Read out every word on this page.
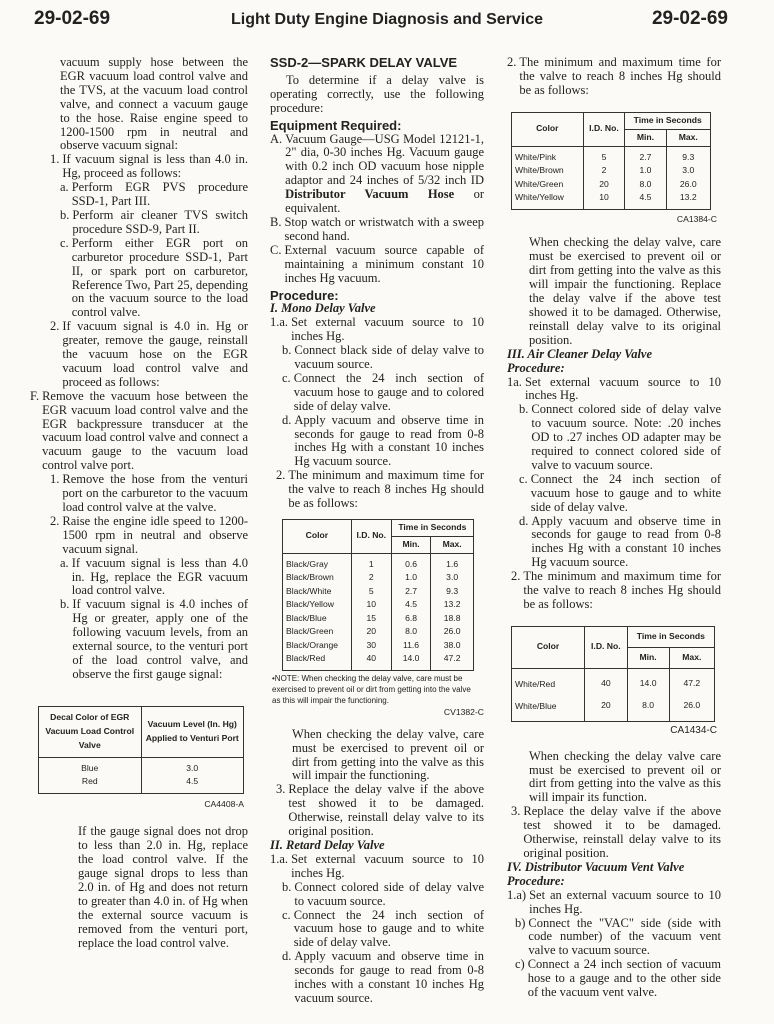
29-02-69	Light Duty Engine Diagnosis and Service	29-02-69

vacuum supply hose between the EGR vacuum load control valve and the TVS, at the vacuum load control valve, and connect a vacuum gauge to the hose. Raise engine speed to 1200-1500 rpm in neutral and observe vacuum signal:

1. If vacuum signal is less than 4.0 in. Hg, proceed as follows:
a. Perform EGR PVS procedure SSD-1, Part III.
b. Perform air cleaner TVS switch procedure SSD-9, Part II.
c. Perform either EGR port on carburetor procedure SSD-1, Part II, or spark port on carburetor, Reference Two, Part 25, depending on the vacuum source to the load control valve.
2. If vacuum signal is 4.0 in. Hg or greater, remove the gauge, reinstall the vacuum hose on the EGR vacuum load control valve and proceed as follows:
F. Remove the vacuum hose between the EGR vacuum load control valve and the EGR backpressure transducer at the vacuum load control valve and connect a vacuum gauge to the vacuum load control valve port.
1. Remove the hose from the venturi port on the carburetor to the vacuum load control valve at the valve.
2. Raise the engine idle speed to 1200-1500 rpm in neutral and observe vacuum signal.
a. If vacuum signal is less than 4.0 in. Hg, replace the EGR vacuum load control valve.
b. If vacuum signal is 4.0 inches of Hg or greater, apply one of the following vacuum levels, from an external source, to the venturi port of the load control valve, and observe the first gauge signal:
Decal Color of EGR Vacuum Load Control Valve	Vacuum Level (In. Hg) Applied to Venturi Port
Blue	3.0
Red	4.5
CA4408-A

If the gauge signal does not drop to less than 2.0 in. Hg, replace the load control valve. If the gauge signal drops to less than 2.0 in. of Hg and does not return to greater than 4.0 in. of Hg when the external source vacuum is removed from the venturi port, replace the load control valve.

SSD-2—SPARK DELAY VALVE

To determine if a delay valve is operating correctly, use the following procedure:

Equipment Required:

A. Vacuum Gauge—USG Model 12121-1, 2" dia, 0-30 inches Hg. Vacuum gauge with 0.2 inch OD vacuum hose nipple adaptor and 24 inches of 5/32 inch ID Distributor Vacuum Hose or equivalent.
B. Stop watch or wristwatch with a sweep second hand.
C. External vacuum source capable of maintaining a minimum constant 10 inches Hg vacuum.

Procedure:

I. Mono Delay Valve

1.a. Set external vacuum source to 10 inches Hg.
b. Connect black side of delay valve to vacuum source.
c. Connect the 24 inch section of vacuum hose to gauge and to colored side of delay valve.
d. Apply vacuum and observe time in seconds for gauge to read from 0-8 inches Hg with a constant 10 inches Hg vacuum source.
2. The minimum and maximum time for the valve to reach 8 inches Hg should be as follows:
Color	I.D. No.	Time in Seconds	
		Min.	Max.
Black/Gray	1	0.6	1.6
Black/Brown	2	1.0	3.0
Black/White	5	2.7	9.3
Black/Yellow	10	4.5	13.2
Black/Blue	15	6.8	18.8
Black/Green	20	8.0	26.0
Black/Orange	30	11.6	38.0
Black/Red	40	14.0	47.2

•NOTE: When checking the delay valve, care must be exercised to prevent oil or dirt from getting into the valve as this will impair the functioning.

CV1382-C

When checking the delay valve, care must be exercised to prevent oil or dirt from getting into the valve as this will impair the functioning.

3. Replace the delay valve if the above test showed it to be damaged. Otherwise, reinstall delay valve to its original position.

II. Retard Delay Valve

1.a. Set external vacuum source to 10 inches Hg.
b. Connect colored side of delay valve to vacuum source.
c. Connect the 24 inch section of vacuum hose to gauge and to white side of delay valve.
d. Apply vacuum and observe time in seconds for gauge to read from 0-8 inches with a constant 10 inches Hg vacuum source.
2. The minimum and maximum time for the valve to reach 8 inches Hg should be as follows:
Color	I.D. No.	Time in Seconds	
		Min.	Max.
White/Pink	5	2.7	9.3
White/Brown	2	1.0	3.0
White/Green	20	8.0	26.0
White/Yellow	10	4.5	13.2
CA1384-C

When checking the delay valve, care must be exercised to prevent oil or dirt from getting into the valve as this will impair the functioning. Replace the delay valve if the above test showed it to be damaged. Otherwise, reinstall delay valve to its original position.

III. Air Cleaner Delay Valve

Procedure:

1a. Set external vacuum source to 10 inches Hg.
b. Connect colored side of delay valve to vacuum source. Note: .20 inches OD to .27 inches OD adapter may be required to connect colored side of valve to vacuum source.
c. Connect the 24 inch section of vacuum hose to gauge and to white side of delay valve.
d. Apply vacuum and observe time in seconds for gauge to read from 0-8 inches Hg with a constant 10 inches Hg vacuum source.
2. The minimum and maximum time for the valve to reach 8 inches Hg should be as follows:
Color	I.D. No.	Time in Seconds	
		Min.	Max.
White/Red	40	14.0	47.2
White/Blue	20	8.0	26.0
CA1434-C

When checking the delay valve care must be exercised to prevent oil or dirt from getting into the valve as this will impair its function.

3. Replace the delay valve if the above test showed it to be damaged. Otherwise, reinstall delay valve to its original position.

IV. Distributor Vacuum Vent Valve

Procedure:

1.a) Set an external vacuum source to 10 inches Hg.
b) Connect the "VAC" side (side with code number) of the vacuum vent valve to vacuum source.
c) Connect a 24 inch section of vacuum hose to a gauge and to the other side of the vacuum vent valve.
